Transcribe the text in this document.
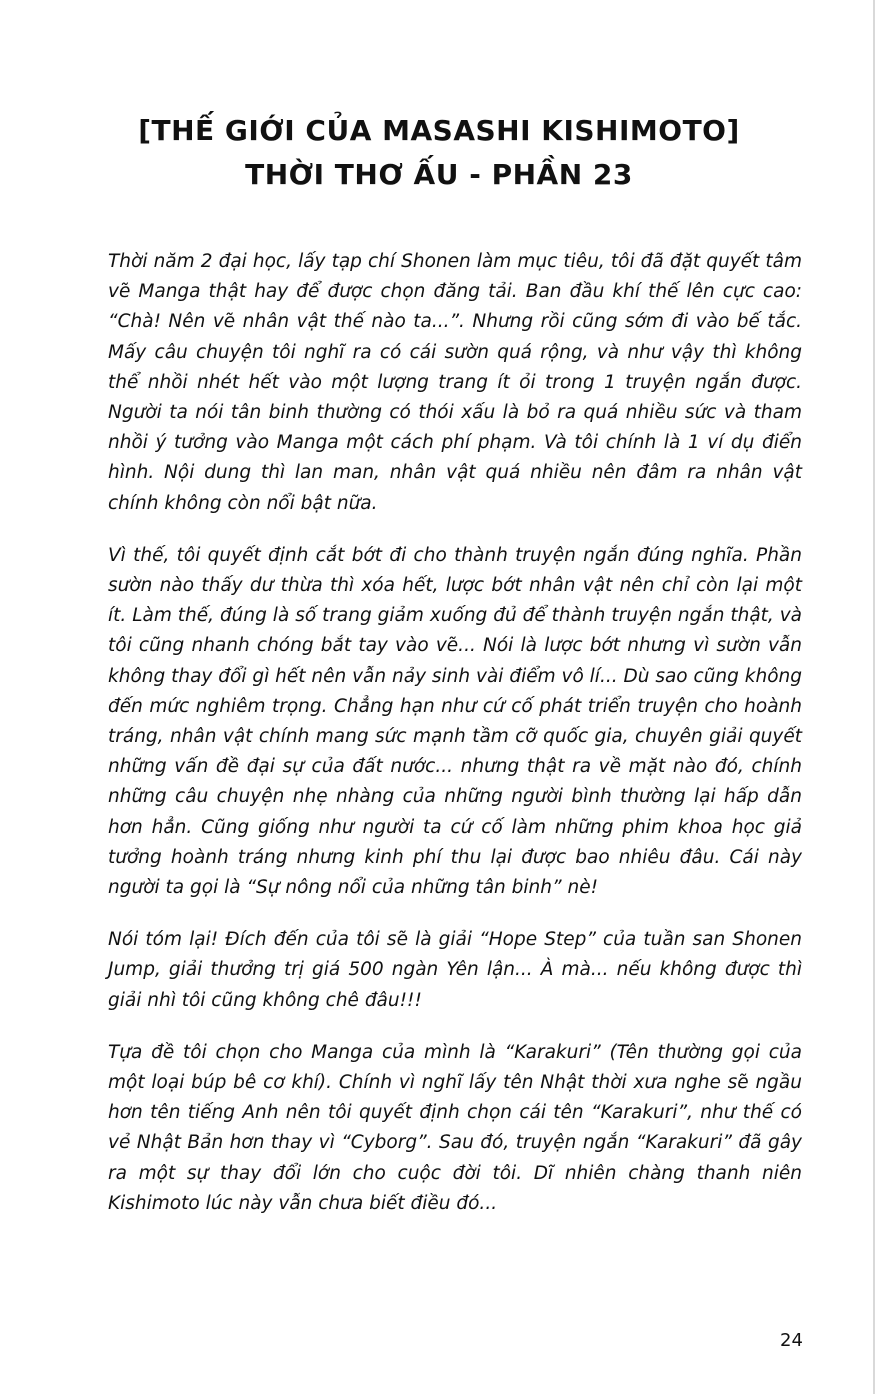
[THẾ GIỚI CỦA MASASHI KISHIMOTO]
THỜI THƠ ẤU - PHẦN 23

Thời năm 2 đại học, lấy tạp chí Shonen làm mục tiêu, tôi đã đặt quyết tâm vẽ Manga thật hay để được chọn đăng tải. Ban đầu khí thế lên cực cao: “Chà! Nên vẽ nhân vật thế nào ta...”. Nhưng rồi cũng sớm đi vào bế tắc. Mấy câu chuyện tôi nghĩ ra có cái sườn quá rộng, và như vậy thì không thể nhồi nhét hết vào một lượng trang ít ỏi trong 1 truyện ngắn được. Người ta nói tân binh thường có thói xấu là bỏ ra quá nhiều sức và tham nhồi ý tưởng vào Manga một cách phí phạm. Và tôi chính là 1 ví dụ điển hình. Nội dung thì lan man, nhân vật quá nhiều nên đâm ra nhân vật chính không còn nổi bật nữa.

Vì thế, tôi quyết định cắt bớt đi cho thành truyện ngắn đúng nghĩa. Phần sườn nào thấy dư thừa thì xóa hết, lược bớt nhân vật nên chỉ còn lại một ít. Làm thế, đúng là số trang giảm xuống đủ để thành truyện ngắn thật, và tôi cũng nhanh chóng bắt tay vào vẽ... Nói là lược bớt nhưng vì sườn vẫn không thay đổi gì hết nên vẫn nảy sinh vài điểm vô lí... Dù sao cũng không đến mức nghiêm trọng. Chẳng hạn như cứ cố phát triển truyện cho hoành tráng, nhân vật chính mang sức mạnh tầm cỡ quốc gia, chuyên giải quyết những vấn đề đại sự của đất nước... nhưng thật ra về mặt nào đó, chính những câu chuyện nhẹ nhàng của những người bình thường lại hấp dẫn hơn hẳn. Cũng giống như người ta cứ cố làm những phim khoa học giả tưởng hoành tráng nhưng kinh phí thu lại được bao nhiêu đâu. Cái này người ta gọi là “Sự nông nổi của những tân binh” nè!

Nói tóm lại! Đích đến của tôi sẽ là giải “Hope Step” của tuần san Shonen Jump, giải thưởng trị giá 500 ngàn Yên lận... À mà... nếu không được thì giải nhì tôi cũng không chê đâu!!!

Tựa đề tôi chọn cho Manga của mình là “Karakuri” (Tên thường gọi của một loại búp bê cơ khí). Chính vì nghĩ lấy tên Nhật thời xưa nghe sẽ ngầu hơn tên tiếng Anh nên tôi quyết định chọn cái tên “Karakuri”, như thế có vẻ Nhật Bản hơn thay vì “Cyborg”. Sau đó, truyện ngắn “Karakuri” đã gây ra một sự thay đổi lớn cho cuộc đời tôi. Dĩ nhiên chàng thanh niên Kishimoto lúc này vẫn chưa biết điều đó...

24
